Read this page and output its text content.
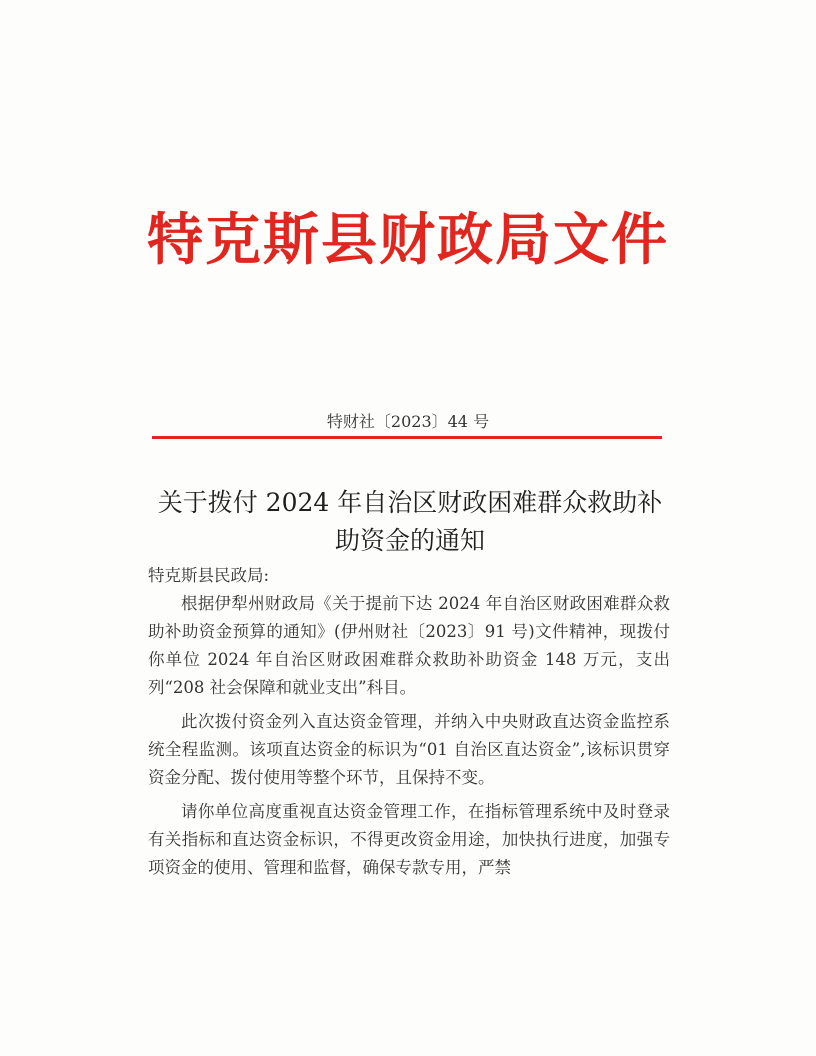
特克斯县财政局文件
特财社〔2023〕44 号
关于拨付 2024 年自治区财政困难群众救助补
助资金的通知

特克斯县民政局:

根据伊犁州财政局《关于提前下达 2024 年自治区财政困难群众救助补助资金预算的通知》(伊州财社〔2023〕91 号)文件精神，现拨付你单位 2024 年自治区财政困难群众救助补助资金 148 万元，支出列“208 社会保障和就业支出”科目。

此次拨付资金列入直达资金管理，并纳入中央财政直达资金监控系统全程监测。该项直达资金的标识为“01 自治区直达资金”,该标识贯穿资金分配、拨付使用等整个环节，且保持不变。

请你单位高度重视直达资金管理工作，在指标管理系统中及时登录有关指标和直达资金标识，不得更改资金用途，加快执行进度，加强专项资金的使用、管理和监督，确保专款专用，严禁
